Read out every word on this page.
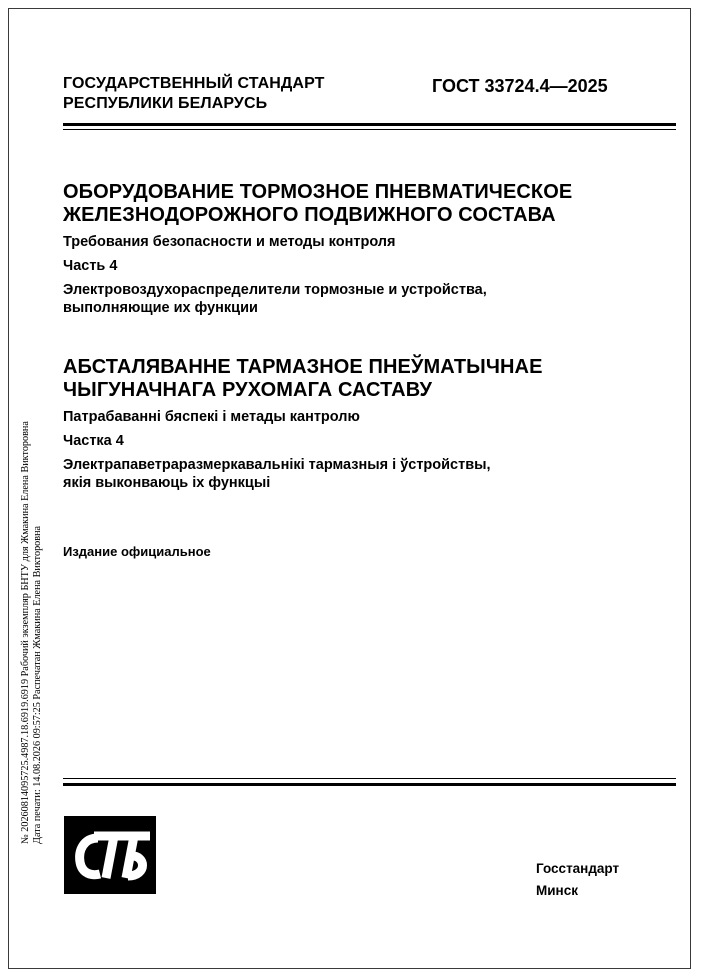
ГОСУДАРСТВЕННЫЙ СТАНДАРТ
РЕСПУБЛИКИ БЕЛАРУСЬ
ГОСТ 33724.4—2025

ОБОРУДОВАНИЕ ТОРМОЗНОЕ ПНЕВМАТИЧЕСКОЕ

ЖЕЛЕЗНОДОРОЖНОГО ПОДВИЖНОГО СОСТАВА

Требования безопасности и методы контроля

Часть 4

Электровоздухораспределители тормозные и устройства,

выполняющие их функции

АБСТАЛЯВАННЕ ТАРМАЗНОЕ ПНЕЎМАТЫЧНАЕ

ЧЫГУНАЧНАГА РУХОМАГА САСТАВУ

Патрабаванні бяспекі і метады кантролю

Частка 4

Электрапаветраразмеркавальнікі тармазныя і ўстройствы,

якія выконваюць іх функцыі

Издание официальное
№ 20260814095725.4987.18.6919.6919 Рабочий экземпляр БНТУ для Жмакина Елена Викторовна
Дата печати: 14.08.2026 09:57:25 Распечатан Жмакина Елена Викторовна
Госстандарт
Минск
